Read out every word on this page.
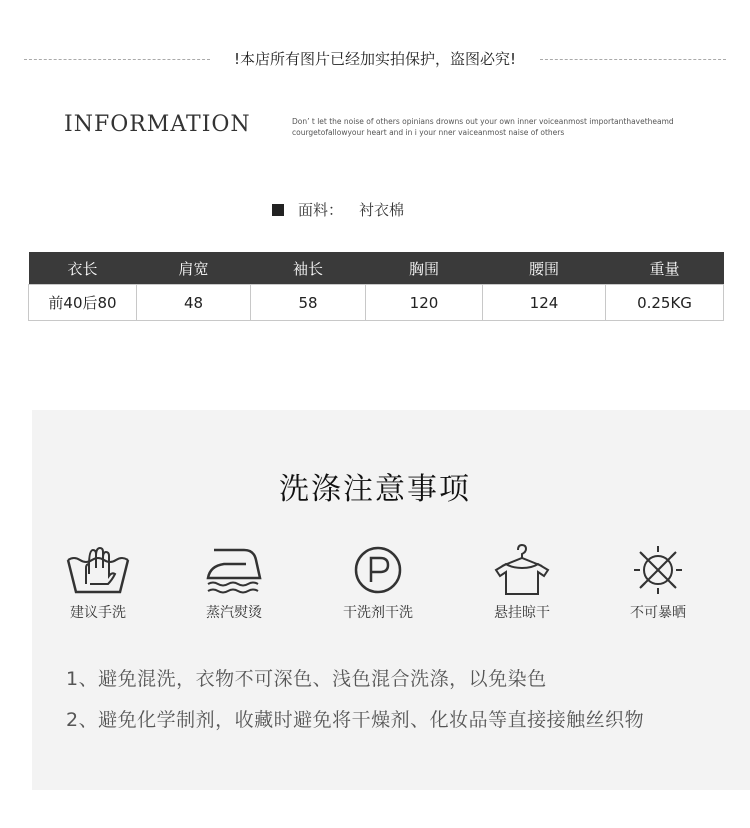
!本店所有图片已经加实拍保护，盗图必究!
INFORMATION	Don’ t let the noise of others opinians drowns out your own inner voiceanmost importanthavetheamd
courgetofallowyour heart and in i your nner vaiceanmost naise of others
面料： 衬衣棉
衣长	肩宽	袖长	胸围	腰围	重量
前40后80	48	58	120	124	0.25KG
洗涤注意事项
建议手洗	蒸汽熨烫	干洗剂干洗	悬挂晾干	不可暴晒
1、避免混洗，衣物不可深色、浅色混合洗涤，以免染色
2、避免化学制剂，收藏时避免将干燥剂、化妆品等直接接触丝织物
